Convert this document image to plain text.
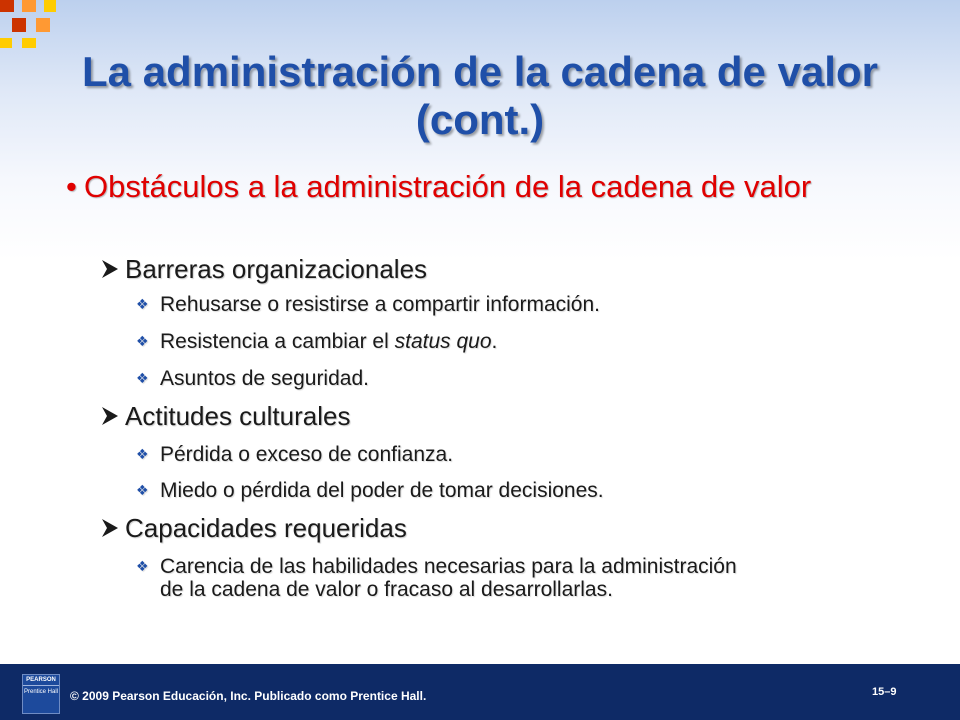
La administración de la cadena de valor (cont.)
• Obstáculos a la administración de la cadena de valor
Barreras organizacionales
❖ Rehusarse o resistirse a compartir información.
❖ Resistencia a cambiar el status quo.
❖ Asuntos de seguridad.
Actitudes culturales
❖ Pérdida o exceso de confianza.
❖ Miedo o pérdida del poder de tomar decisiones.
Capacidades requeridas
❖ Carencia de las habilidades necesarias para la administración de la cadena de valor o fracaso al desarrollarlas.
PEARSON
Prentice Hall © 2009 Pearson Educación, Inc. Publicado como Prentice Hall.	15–9
